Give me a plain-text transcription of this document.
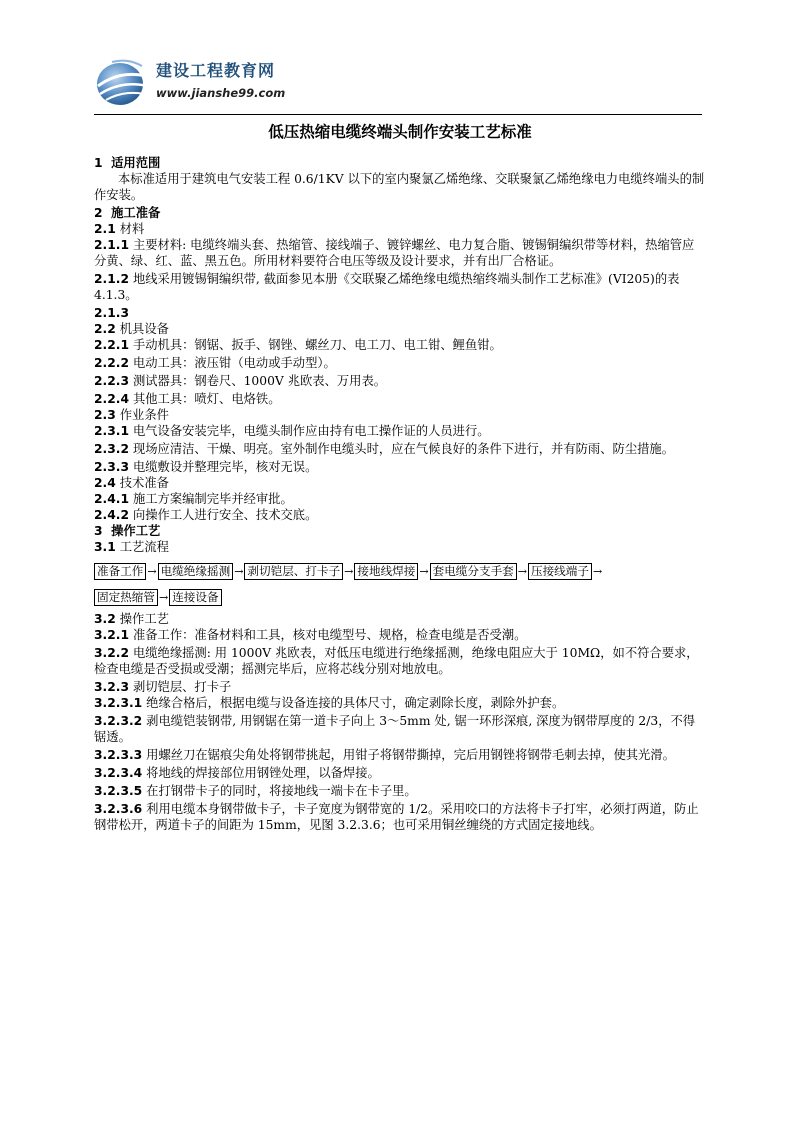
建设工程教育网
www.jianshe99.com
低压热缩电缆终端头制作安装工艺标准

1 适用范围

本标准适用于建筑电气安装工程 0.6/1KV 以下的室内聚氯乙烯绝缘、交联聚氯乙烯绝缘电力电缆终端头的制作安装。

2 施工准备

2.1 材料

2.1.1 主要材料: 电缆终端头套、热缩管、接线端子、镀锌螺丝、电力复合脂、镀锡铜编织带等材料，热缩管应分黄、绿、红、蓝、黑五色。所用材料要符合电压等级及设计要求，并有出厂合格证。

2.1.2 地线采用镀锡铜编织带, 截面参见本册《交联聚乙烯绝缘电缆热缩终端头制作工艺标准》(VI205)的表 4.1.3。

2.1.3

2.2 机具设备

2.2.1 手动机具：钢锯、扳手、钢锉、螺丝刀、电工刀、电工钳、鲤鱼钳。

2.2.2 电动工具：液压钳（电动或手动型）。

2.2.3 测试器具：钢卷尺、1000V 兆欧表、万用表。

2.2.4 其他工具：喷灯、电烙铁。

2.3 作业条件

2.3.1 电气设备安装完毕，电缆头制作应由持有电工操作证的人员进行。

2.3.2 现场应清洁、干燥、明亮。室外制作电缆头时，应在气候良好的条件下进行，并有防雨、防尘措施。

2.3.3 电缆敷设并整理完毕，核对无误。

2.4 技术准备

2.4.1 施工方案编制完毕并经审批。

2.4.2 向操作工人进行安全、技术交底。

3 操作工艺

3.1 工艺流程

准备工作 → 电缆绝缘摇测 → 剥切铠层、打卡子 → 接地线焊接 → 套电缆分支手套 → 压接线端子 →
固定热缩管 → 连接设备

3.2 操作工艺

3.2.1 准备工作：准备材料和工具，核对电缆型号、规格，检查电缆是否受潮。

3.2.2 电缆绝缘摇测: 用 1000V 兆欧表，对低压电缆进行绝缘摇测，绝缘电阻应大于 10MΩ，如不符合要求，检查电缆是否受损或受潮；摇测完毕后，应将芯线分别对地放电。

3.2.3 剥切铠层、打卡子

3.2.3.1 绝缘合格后，根据电缆与设备连接的具体尺寸，确定剥除长度，剥除外护套。

3.2.3.2 剥电缆铠装钢带, 用钢锯在第一道卡子向上 3～5mm 处, 锯一环形深痕, 深度为钢带厚度的 2/3，不得锯透。

3.2.3.3 用螺丝刀在锯痕尖角处将钢带挑起，用钳子将钢带撕掉，完后用钢锉将钢带毛刺去掉，使其光滑。

3.2.3.4 将地线的焊接部位用钢锉处理，以备焊接。

3.2.3.5 在打钢带卡子的同时，将接地线一端卡在卡子里。

3.2.3.6 利用电缆本身钢带做卡子，卡子宽度为钢带宽的 1/2。采用咬口的方法将卡子打牢，必须打两道，防止钢带松开，两道卡子的间距为 15mm，见图 3.2.3.6；也可采用铜丝缠绕的方式固定接地线。
